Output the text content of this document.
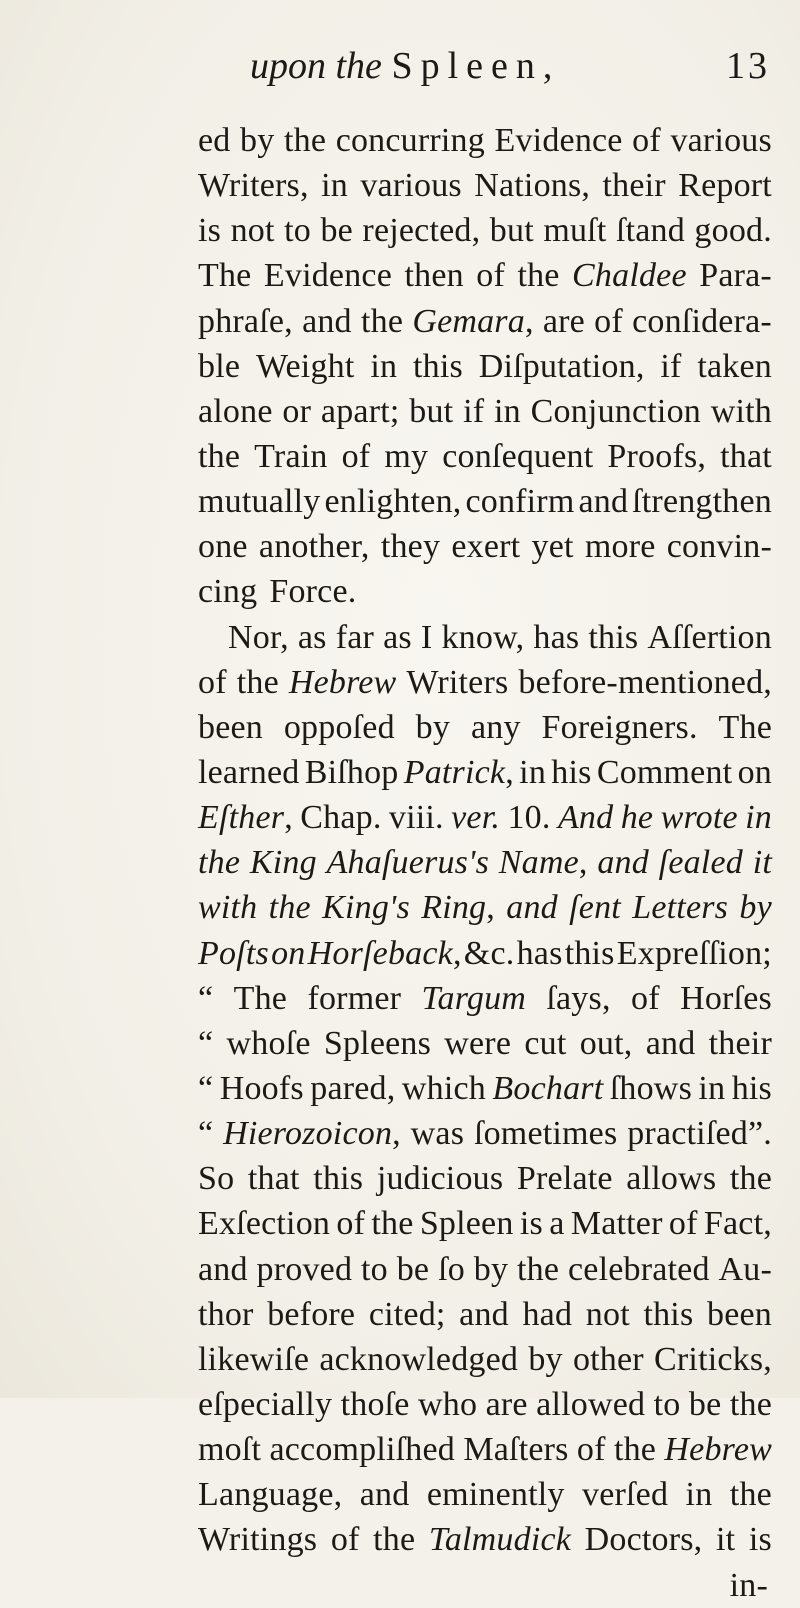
upon the Spleen,	13
ed by the concurring Evidence of various
Writers, in various Nations, their Report
is not to be rejected, but muſt ſtand good.
The Evidence then of the Chaldee Para-
phraſe, and the Gemara, are of conſidera-
ble Weight in this Diſputation, if taken
alone or apart; but if in Conjunction with
the Train of my conſequent Proofs, that
mutually enlighten, confirm and ſtrengthen
one another, they exert yet more convin-
cing Force.
Nor, as far as I know, has this Aſſertion
of the Hebrew Writers before-mentioned,
been oppoſed by any Foreigners. The
learned Biſhop Patrick, in his Comment on
Eſther, Chap. viii. ver. 10. And he wrote in
the King Ahaſuerus's Name, and ſealed it
with the King's Ring, and ſent Letters by
Poſts on Horſeback, &c. has this Expreſſion;
“ The former Targum ſays, of Horſes
“ whoſe Spleens were cut out, and their
“ Hoofs pared, which Bochart ſhows in his
“ Hierozoicon, was ſometimes practiſed”.
So that this judicious Prelate allows the
Exſection of the Spleen is a Matter of Fact,
and proved to be ſo by the celebrated Au-
thor before cited; and had not this been
likewiſe acknowledged by other Criticks,
eſpecially thoſe who are allowed to be the
moſt accompliſhed Maſters of the Hebrew
Language, and eminently verſed in the
Writings of the Talmudick Doctors, it is
in-
